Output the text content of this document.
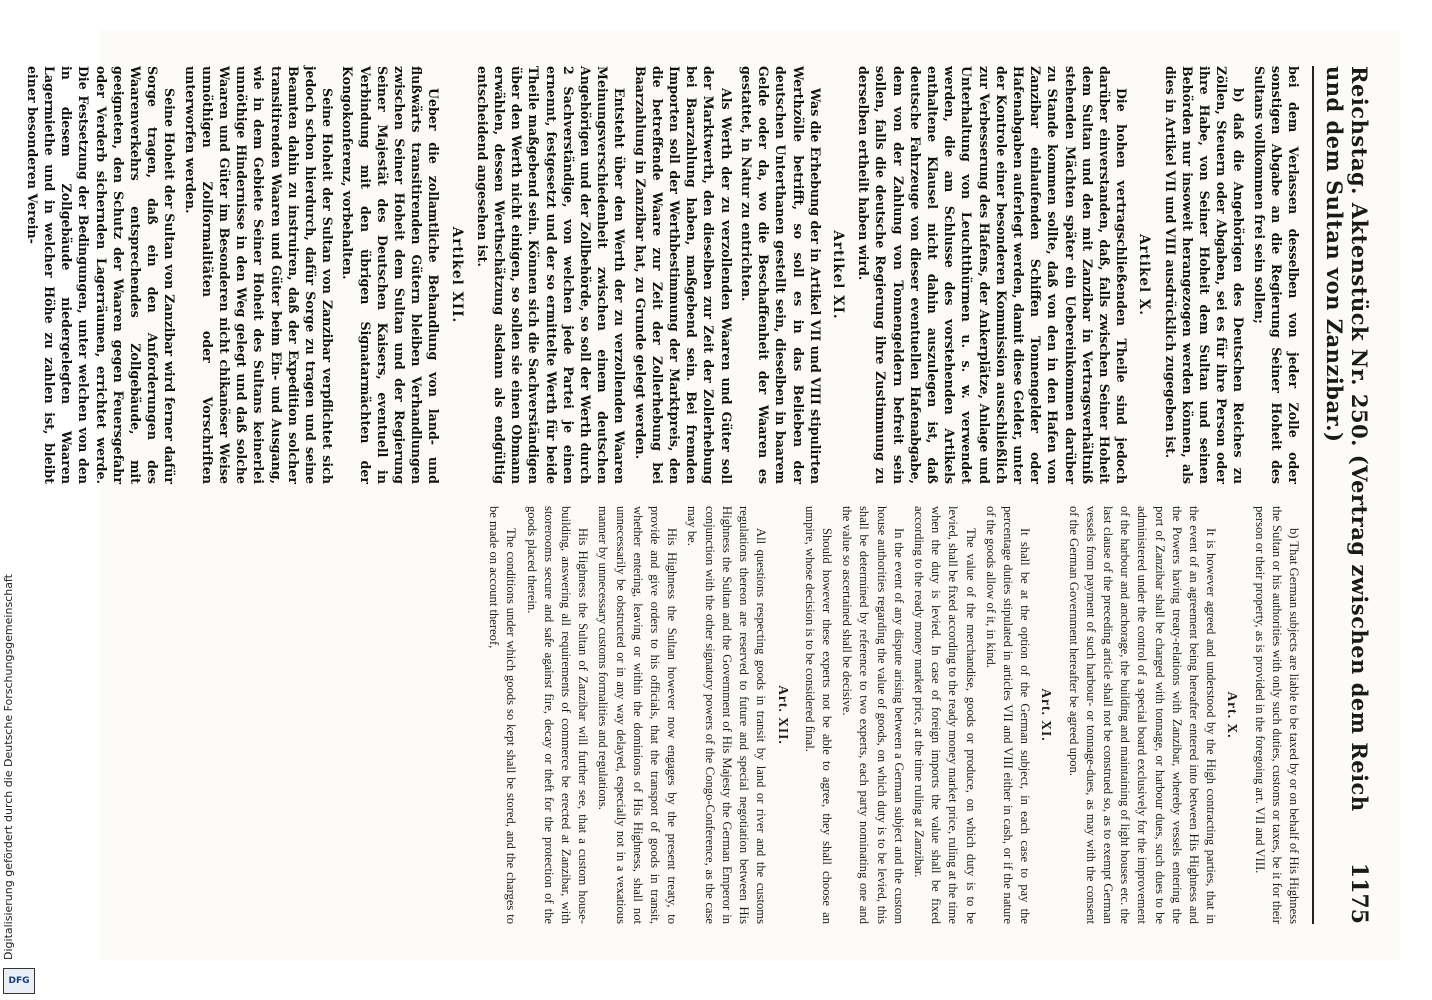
Digitalisierung gefördert durch die Deutsche Forschungsgemeinschaft
DFG
Reichstag. Aktenstück Nr. 250. (Vertrag zwischen dem Reich und dem Sultan von Zanzibar.)
1175

bei dem Verlassen desselben von jeder Zolle oder sonstigen Abgabe an die Regierung Seiner Hoheit des Sultans vollkommen frei sein sollen;

b) daß die Angehörigen des Deutschen Reiches zu Zöllen, Steuern oder Abgaben, sei es für ihre Person oder ihre Habe, von Seiner Hoheit dem Sultan und seinen Behörden nur insoweit herangezogen werden können, als dies in Artikel VII und VIII ausdrücklich zugegeben ist.

Artikel X.

Die hohen vertragschließenden Theile sind jedoch darüber einverstanden, daß, falls zwischen Seiner Hoheit dem Sultan und den mit Zanzibar in Vertragsverhältniß stehenden Mächten später ein Uebereinkommen darüber zu Stande kommen sollte, daß von den in den Hafen von Zanzibar einlaufenden Schiffen Tonnengelder oder Hafenabgaben auferlegt werden, damit diese Gelder, unter der Kontrole einer besonderen Kommission ausschließlich zur Verbesserung des Hafens, der Ankerplätze, Anlage und Unterhaltung von Leuchtthürmen u. s. w. verwendet werden, die am Schlusse des vorstehenden Artikels enthaltene Klausel nicht dahin auszulegen ist, daß deutsche Fahrzeuge von dieser eventuellen Hafenabgabe, dem von der Zahlung von Tonnengeldern befreit sein sollen, falls die deutsche Regierung ihre Zustimmung zu derselben ertheilt haben wird.

Artikel XI.

Was die Erhebung der in Artikel VII und VIII stipulirten Werthzölle betrifft, so soll es in das Belieben der deutschen Unterthanen gestellt sein, dieselben in baarem Gelde oder da, wo die Beschaffenheit der Waaren es gestattet, in Natur zu entrichten.

Als Werth der zu verzollenden Waaren und Güter soll der Marktwerth, den dieselben zur Zeit der Zollerhebung bei Baarzahlung haben, maßgebend sein. Bei fremden Importen soll der Werthbestimmung der Marktpreis, den die betreffende Waare zur Zeit der Zollerhebung bei Baarzahlung in Zanzibar hat, zu Grunde gelegt werden.

Entsteht über den Werth der zu verzollenden Waaren Meinungsverschiedenheit zwischen einem deutschen Angehörigen und der Zollbehörde, so soll der Werth durch 2 Sachverständige, von welchen jede Partei je einen ernennt, festgesetzt und der so ermittelte Werth für beide Theile maßgebend sein. Können sich die Sachverständigen über den Werth nicht einigen, so sollen sie einen Obmann erwählen, dessen Werthschätzung alsdann als endgültig entscheidend angesehen ist.

Artikel XII.

Ueber die zollamtliche Behandlung von land- und flußwärts transitirenden Gütern bleiben Verhandlungen zwischen Seiner Hoheit dem Sultan und der Regierung Seiner Majestät des Deutschen Kaisers, eventuell in Verbindung mit den übrigen Signatarmächten der Kongokonferenz, vorbehalten.

Seine Hoheit der Sultan von Zanzibar verpflichtet sich jedoch schon hierdurch, dafür Sorge zu tragen und seine Beamten dahin zu instruiren, daß der Expedition solcher transitirenden Waaren und Güter beim Ein- und Ausgang, wie in dem Gebiete Seiner Hoheit des Sultans keinerlei unnöthige Hindernisse in den Weg gelegt und daß solche Waaren und Güter im Besonderen nicht chikanöser Weise unnöthigen Zollformalitäten oder Vorschriften unterworfen werden.

Seine Hoheit der Sultan von Zanzibar wird ferner dafür Sorge tragen, daß ein den Anforderungen des Waarenverkehrs entsprechendes Zollgebäude, mit geeigneten, den Schutz der Waaren gegen Feuersgefahr oder Verderb sichernden Lagerräumen, errichtet werde. Die Festsetzung der Bedingungen, unter welchen von den in diesem Zollgebäude niedergelegten Waaren Lagermiethe und in welcher Höhe zu zahlen ist, bleibt einer besonderen Verein-

b) That German subjects are liable to be taxed by or on behalf of His Highness the Sultan or his authorities with only such duties, customs or taxes, be it for their person or their property, as is provided in the foregoing art. VII and VIII.

Art. X.

It is however agreed and understood by the High contracting parties, that in the event of an agreement being hereafter entered into between His Highness and the Powers having treaty-relations with Zanzibar, whereby vessels entering the port of Zanzibar shall be charged with tonnage, or harbour dues, such dues to be administered under the control of a special board exclusively for the improvement of the harbour and anchorage, the building and maintaining of light houses etc. the last clause of the preceding article shall not be construed so, as to exempt German vessels from payment of such harbour- or tonnage-dues, as may with the consent of the German Government hereafter be agreed upon.

Art. XI.

It shall be at the option of the German subject, in each case to pay the percentage duties stipulated in articles VII and VIII either in cash, or if the nature of the goods allow of it, in kind.

The value of the merchandise, goods or produce, on which duty is to be levied, shall be fixed according to the ready money market price, ruling at the time when the duty is levied. In case of foreign imports the value shall be fixed according to the ready money market price, at the time ruling at Zanzibar.

In the event of any dispute arising between a German subject and the custom house authorities regarding the value of goods, on which duty is to be levied, this shall be determined by reference to two experts, each party nominating one and the value so ascertained shall be decisive.

Should however these experts not be able to agree, they shall choose an umpire, whose decision is to be considered final.

Art. XII.

All questions respecting goods in transit by land or river and the customs regulations thereon are reserved to future and special negotiation between His Highness the Sultan and the Government of His Majesty the German Emperor in conjunction with the other signatory powers of the Congo-Conference, as the case may be.

His Highness the Sultan however now engages by the present treaty, to provide and give orders to his officials, that the transport of goods in transit, whether entering, leaving or within the dominions of His Highness, shall not unnecessarily be obstructed or in any way delayed, especially not in a vexatious manner by unnecessary customs formalities and regulations.

His Highness the Sultan of Zanzibar will further see, that a custom house-building, answering all requirements of commerce be erected at Zanzibar, with storerooms secure and safe against fire, decay or theft for the protection of the goods placed therein.

The conditions under which goods so kept shall be stored, and the charges to be made on account thereof,
